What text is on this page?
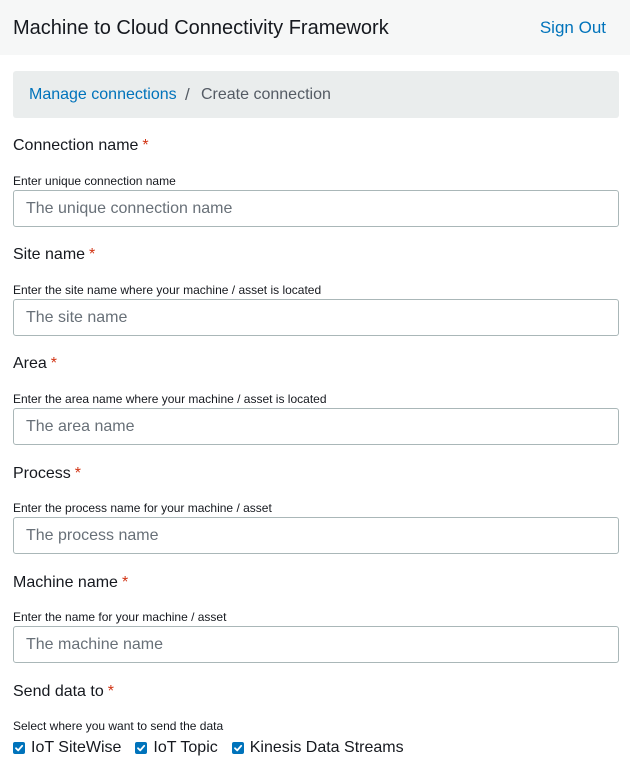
Machine to Cloud Connectivity Framework	Sign Out
Manage connections / Create connection
Connection name *
Enter unique connection name
The unique connection name
Site name *
Enter the site name where your machine / asset is located
The site name
Area *
Enter the area name where your machine / asset is located
The area name
Process *
Enter the process name for your machine / asset
The process name
Machine name *
Enter the name for your machine / asset
The machine name
Send data to *
Select where you want to send the data
IoT SiteWise IoT Topic Kinesis Data Streams
